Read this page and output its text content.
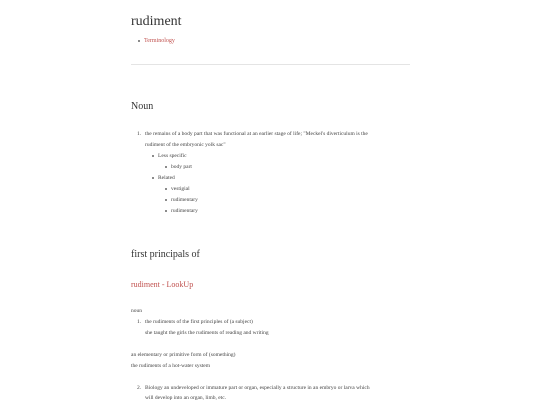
rudiment
Terminology
Noun
1. the remains of a body part that was functional at an earlier stage of life; "Meckel's diverticulum is the
rudiment of the embryonic yolk sac"
Less specific
body part
Related
vestigial
rudimentary
rudimentary
first principals of
rudiment - LookUp
noun
1. the rudiments of the first principles of (a subject)
she taught the girls the rudiments of reading and writing
an elementary or primitive form of (something)
the rudiments of a hot-water system
2. Biology an undeveloped or immature part or organ, especially a structure in an embryo or larva which
will develop into an organ, limb, etc.
